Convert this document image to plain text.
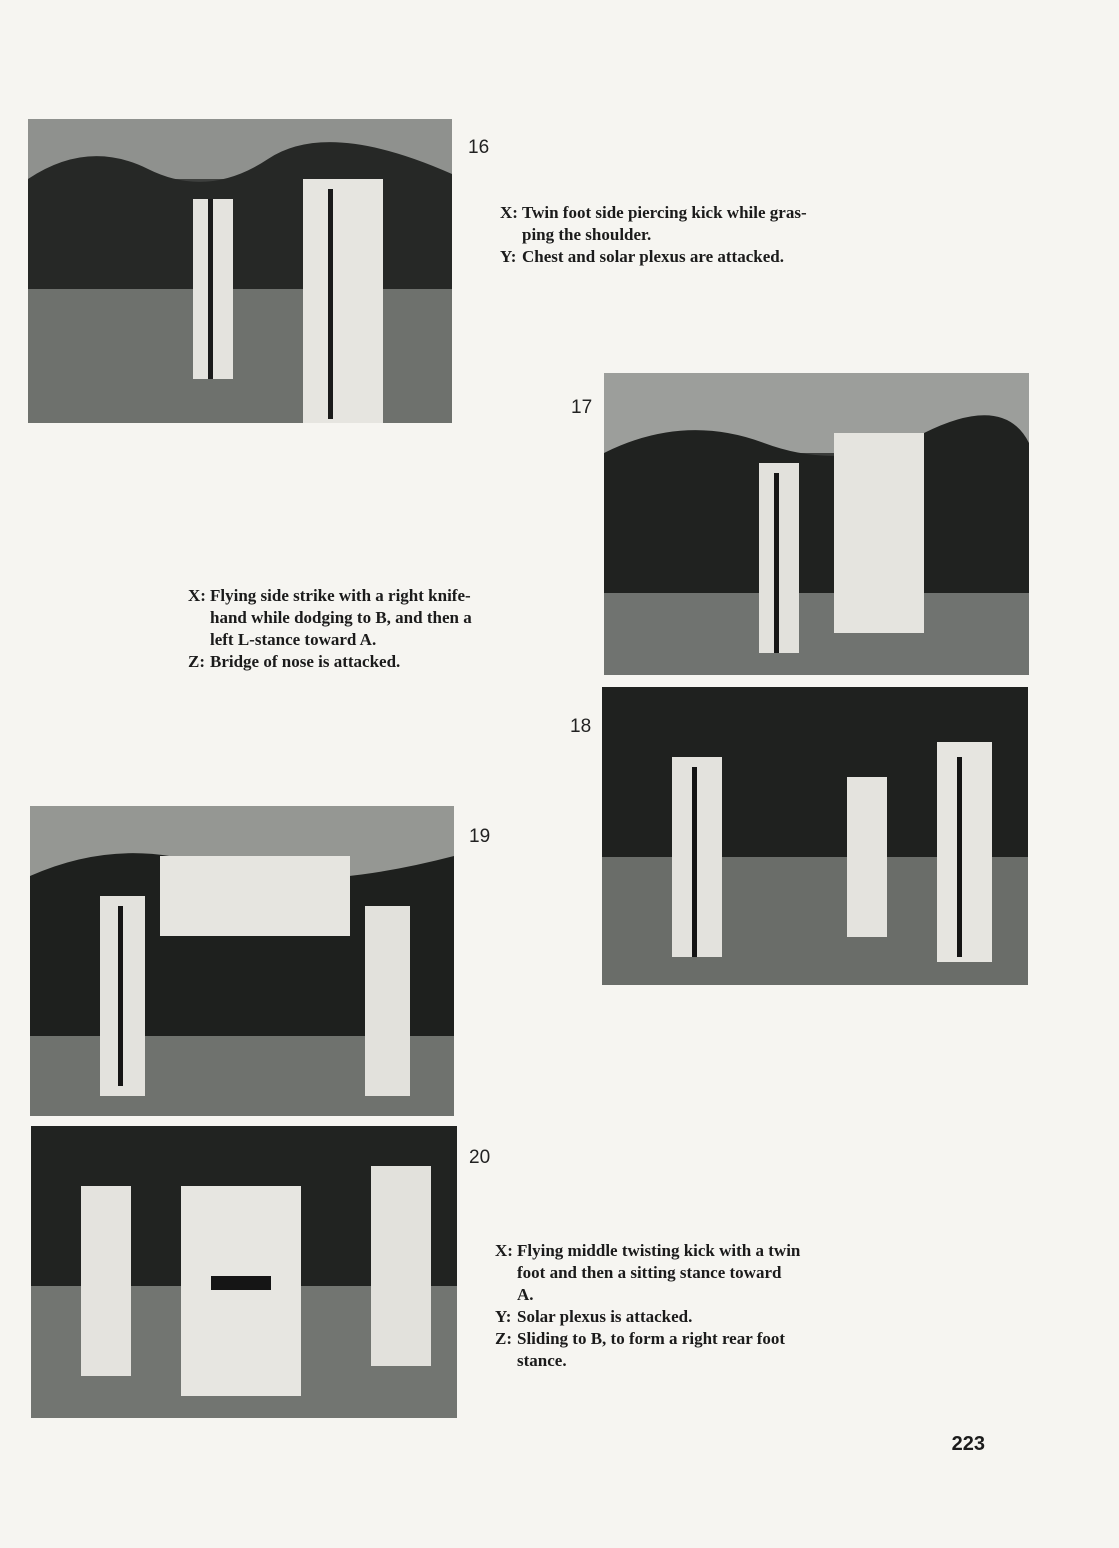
16
X: Twin foot side piercing kick while gras-
ping the shoulder.
Y: Chest and solar plexus are attacked.
17
X: Flying side strike with a right knife-
hand while dodging to B, and then a
left L-stance toward A.
Z: Bridge of nose is attacked.
18
19
20
X: Flying middle twisting kick with a twin
foot and then a sitting stance toward
A.
Y: Solar plexus is attacked.
Z: Sliding to B, to form a right rear foot
stance.
223
